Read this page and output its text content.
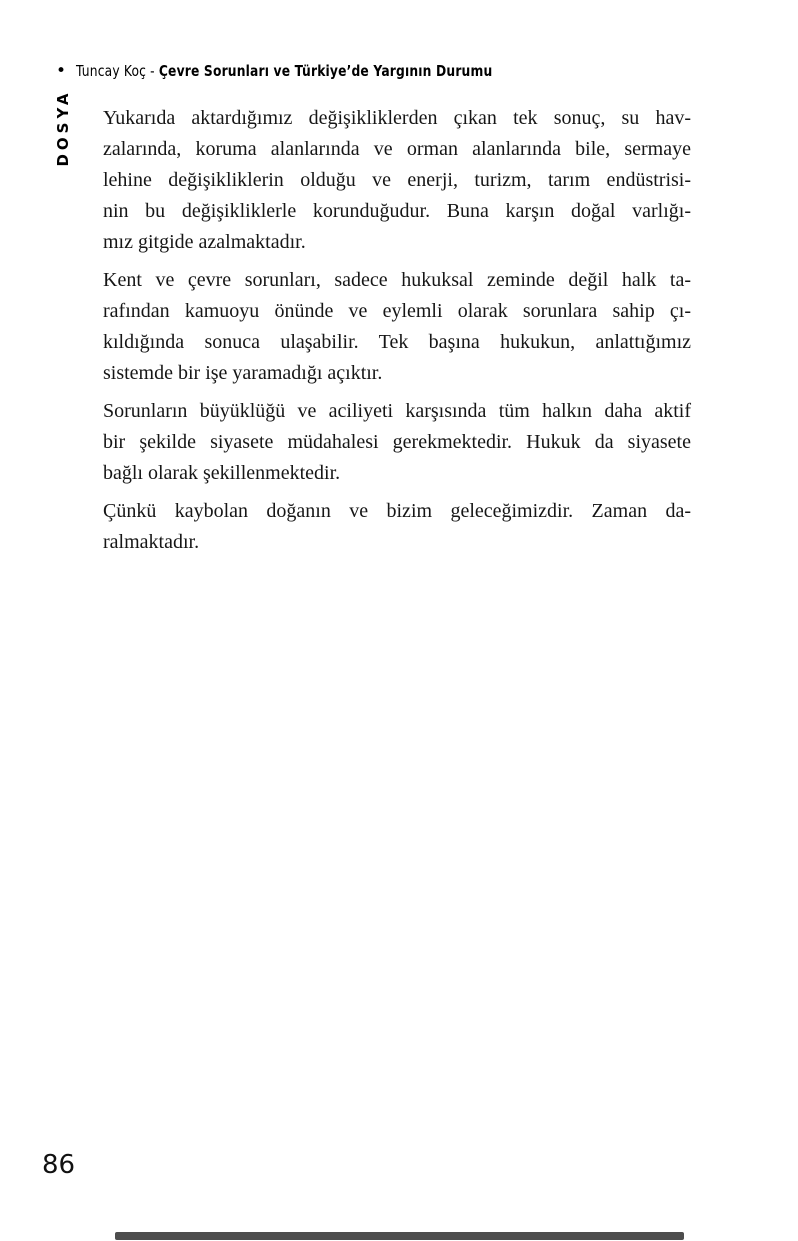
• Tuncay Koç - Çevre Sorunları ve Türkiye’de Yargının Durumu
DOSYA Yukarıda aktardığımız değişikliklerden çıkan tek sonuç, su hav-
zalarında, koruma alanlarında ve orman alanlarında bile, sermaye
lehine değişikliklerin olduğu ve enerji, turizm, tarım endüstrisi-
nin bu değişikliklerle korunduğudur. Buna karşın doğal varlığı-
mız gitgide azalmaktadır.
Kent ve çevre sorunları, sadece hukuksal zeminde değil halk ta-
rafından kamuoyu önünde ve eylemli olarak sorunlara sahip çı-
kıldığında sonuca ulaşabilir. Tek başına hukukun, anlattığımız
sistemde bir işe yaramadığı açıktır.
Sorunların büyüklüğü ve aciliyeti karşısında tüm halkın daha aktif
bir şekilde siyasete müdahalesi gerekmektedir. Hukuk da siyasete
bağlı olarak şekillenmektedir.
Çünkü kaybolan doğanın ve bizim geleceğimizdir. Zaman da-
ralmaktadır.
86
